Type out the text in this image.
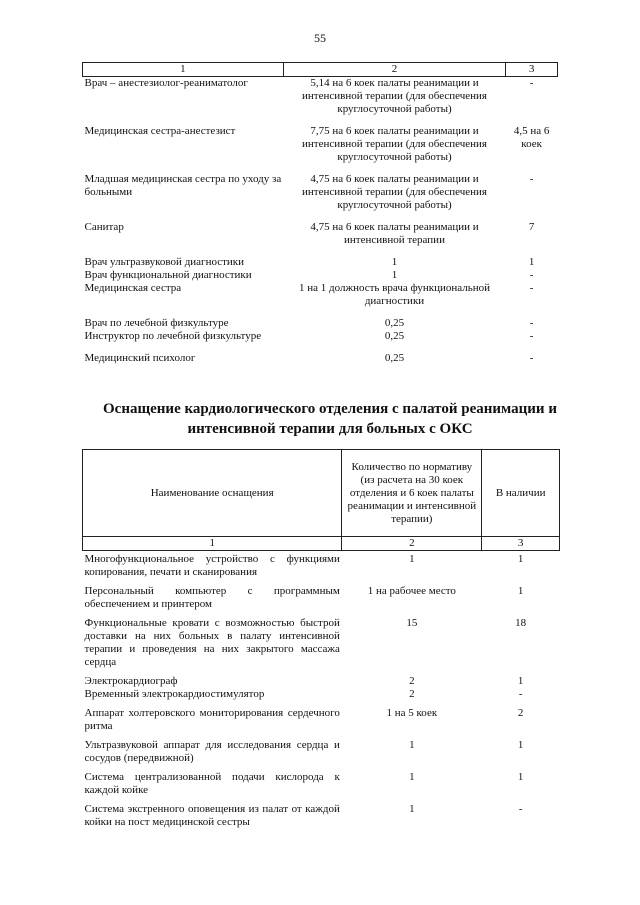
55
1	2	3
Врач – анестезиолог-реаниматолог	5,14 на 6 коек палаты реанимации и интенсивной терапии (для обеспечения круглосуточной работы)	-
Медицинская сестра-анестезист	7,75 на 6 коек палаты реанимации и интенсивной терапии (для обеспечения круглосуточной работы)	4,5 на 6 коек
Младшая медицинская сестра по уходу за больными	4,75 на 6 коек палаты реанимации и интенсивной терапии (для обеспечения круглосуточной работы)	-
Санитар	4,75 на 6 коек палаты реанимации и интенсивной терапии	7
Врач ультразвуковой диагностики	1	1
Врач функциональной диагностики	1	-
Медицинская сестра	1 на 1 должность врача функциональной диагностики	-
Врач по лечебной физкультуре	0,25	-
Инструктор по лечебной физкультуре	0,25	-
Медицинский психолог	0,25	-
Оснащение кардиологического отделения с палатой реанимации и интенсивной терапии для больных с ОКС
Наименование оснащения	Количество по нормативу (из расчета на 30 коек отделения и 6 коек палаты реанимации и интенсивной терапии)	В наличии
1	2	3
Многофункциональное устройство с функциями копирования, печати и сканирования	1	1
Персональный компьютер с программным обеспечением и принтером	1 на рабочее место	1
Функциональные кровати с возможностью быстрой доставки на них больных в палату интенсивной терапии и проведения на них закрытого массажа сердца	15	18
Электрокардиограф	2	1
Временный электрокардиостимулятор	2	-
Аппарат холтеровского мониторирования сердечного ритма	1 на 5 коек	2
Ультразвуковой аппарат для исследования сердца и сосудов (передвижной)	1	1
Система централизованной подачи кислорода к каждой койке	1	1
Система экстренного оповещения из палат от каждой койки на пост медицинской сестры	1	-
